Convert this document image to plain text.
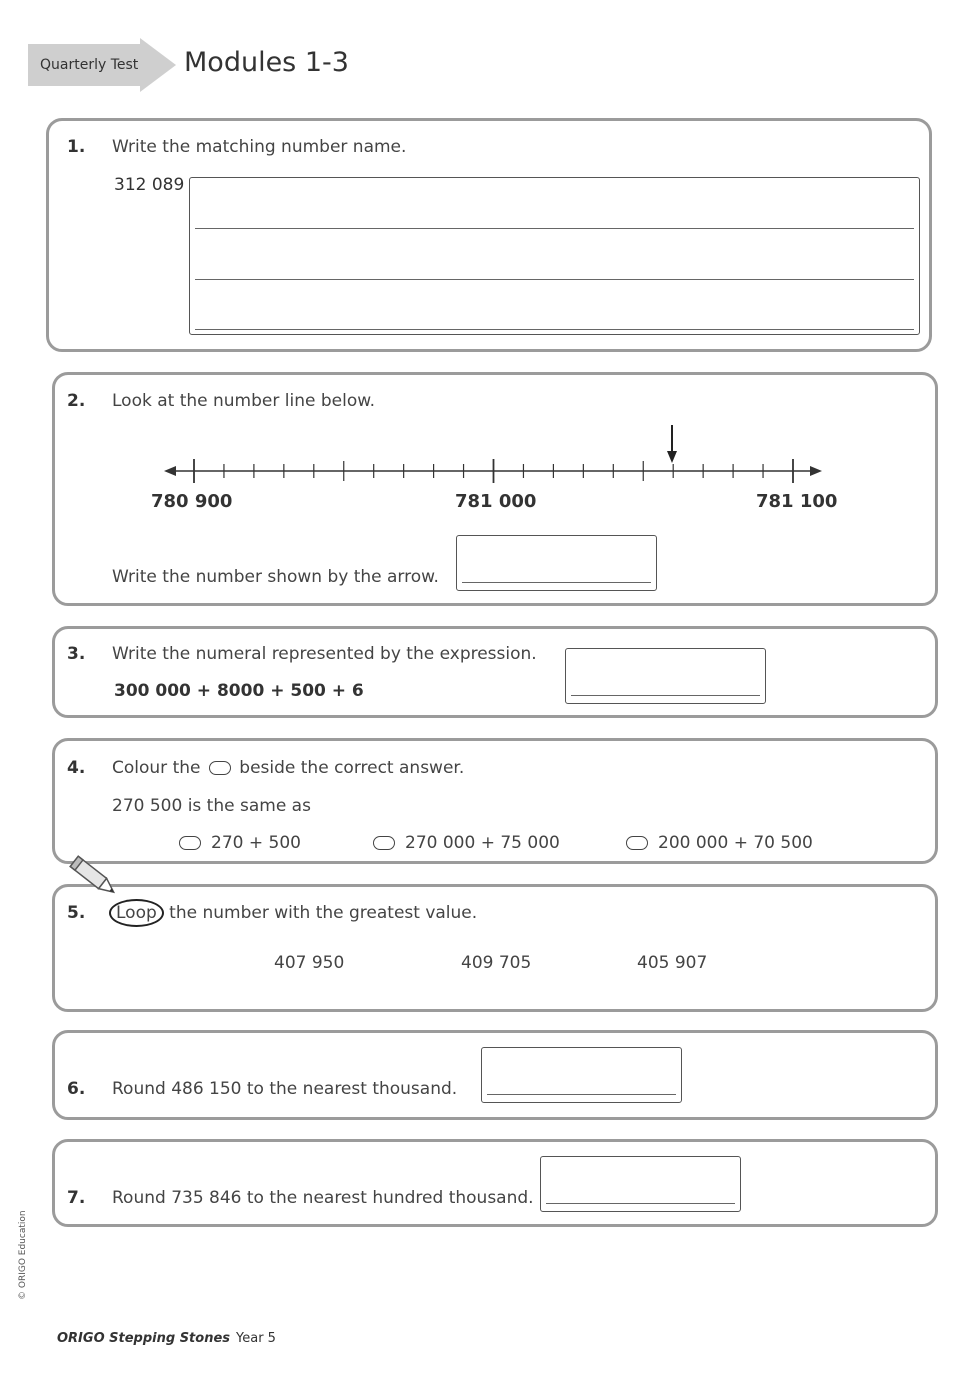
Quarterly Test Modules 1-3
1. Write the matching number name.
312 089
2. Look at the number line below.
780 900	781 000	781 100
Write the number shown by the arrow.
3. Write the numeral represented by the expression.
300 000 + 8000 + 500 + 6
4. Colour the beside the correct answer.
270 500 is the same as
270 + 500	270 000 + 75 000	200 000 + 70 500
5.	Loop the number with the greatest value.
407 950	409 705	405 907
6. Round 486 150 to the nearest thousand.
7. Round 735 846 to the nearest hundred thousand.
© ORIGO Education
ORIGO Stepping Stones Year 5
